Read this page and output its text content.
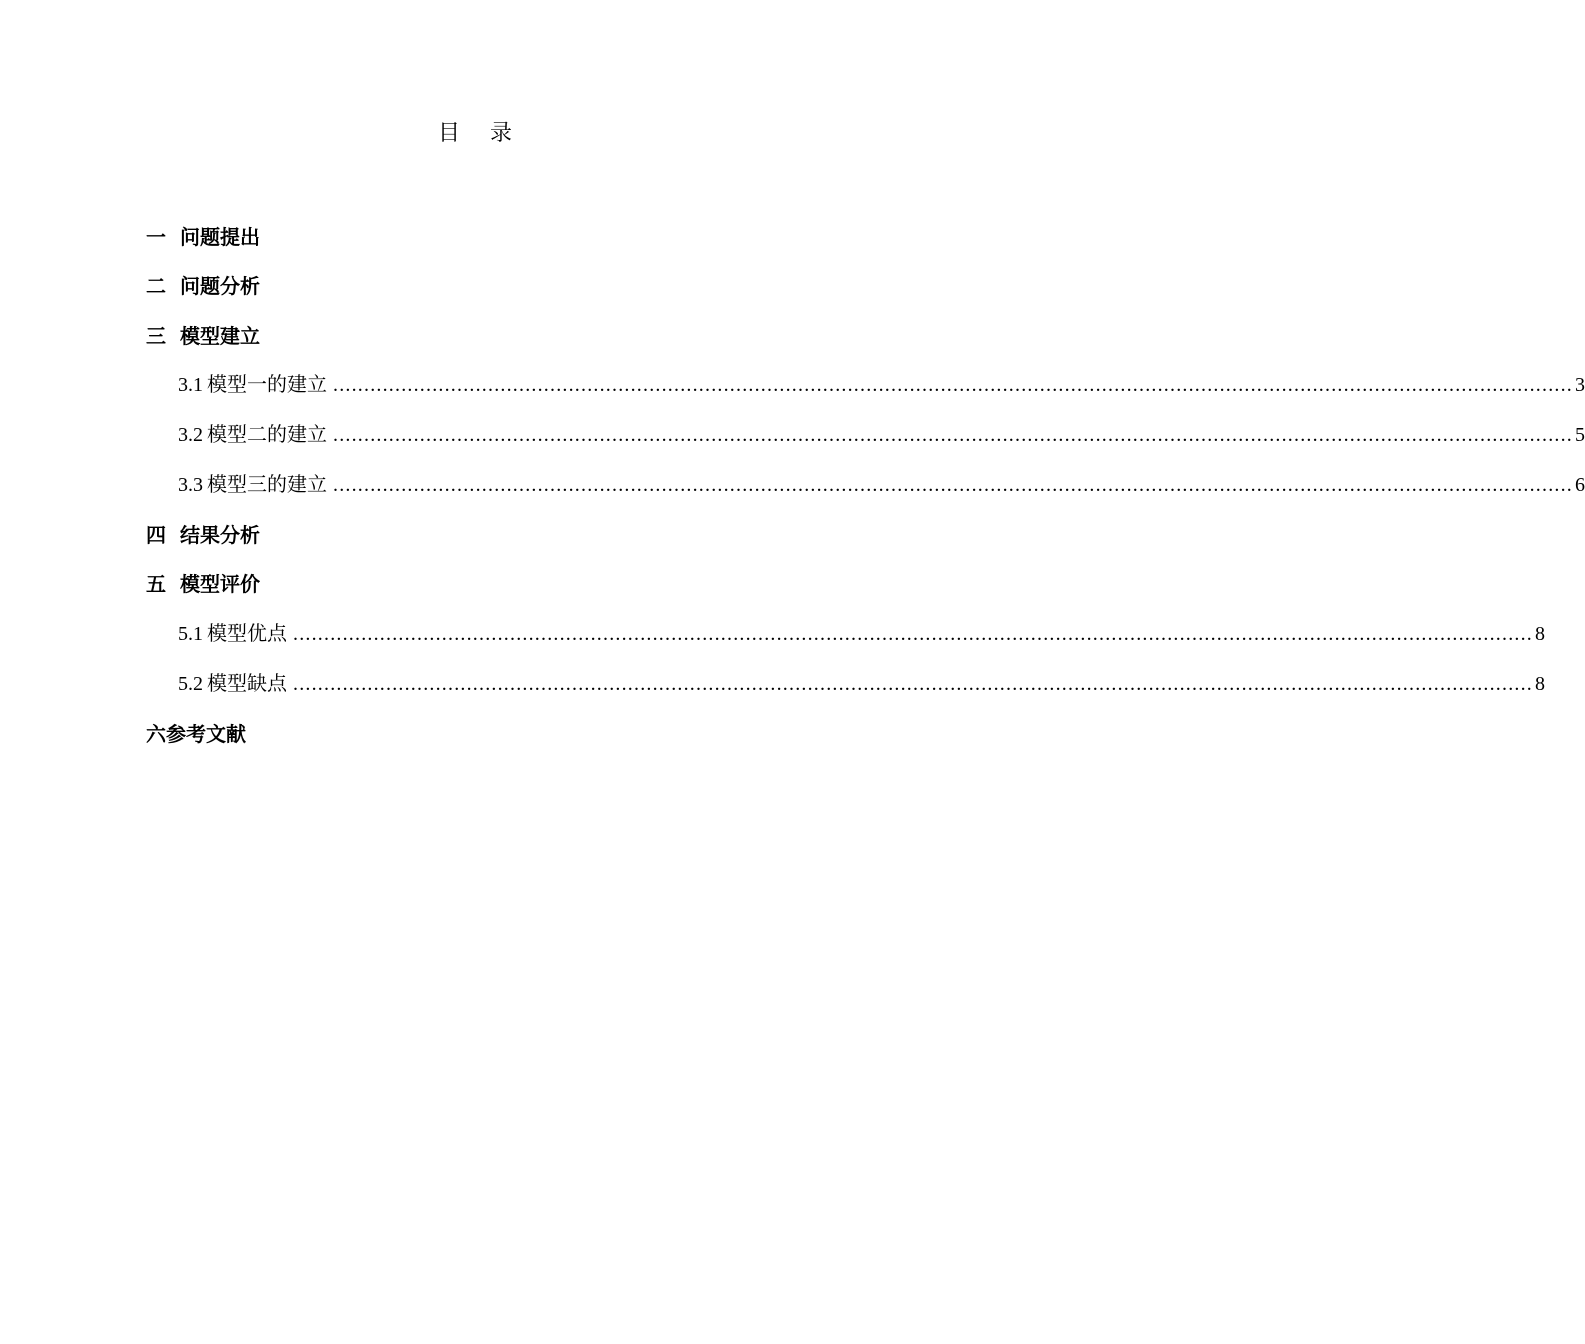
目 录
一 问题提出
二 问题分析
三 模型建立
3.1 模型一的建立 ........................................................................................................................................................................................................ 3
3.2 模型二的建立 ........................................................................................................................................................................................................ 5
3.3 模型三的建立 ........................................................................................................................................................................................................ 6
四 结果分析
五 模型评价
5.1 模型优点 ........................................................................................................................................................................................................ 8
5.2 模型缺点 ........................................................................................................................................................................................................ 8
六 参考文献
